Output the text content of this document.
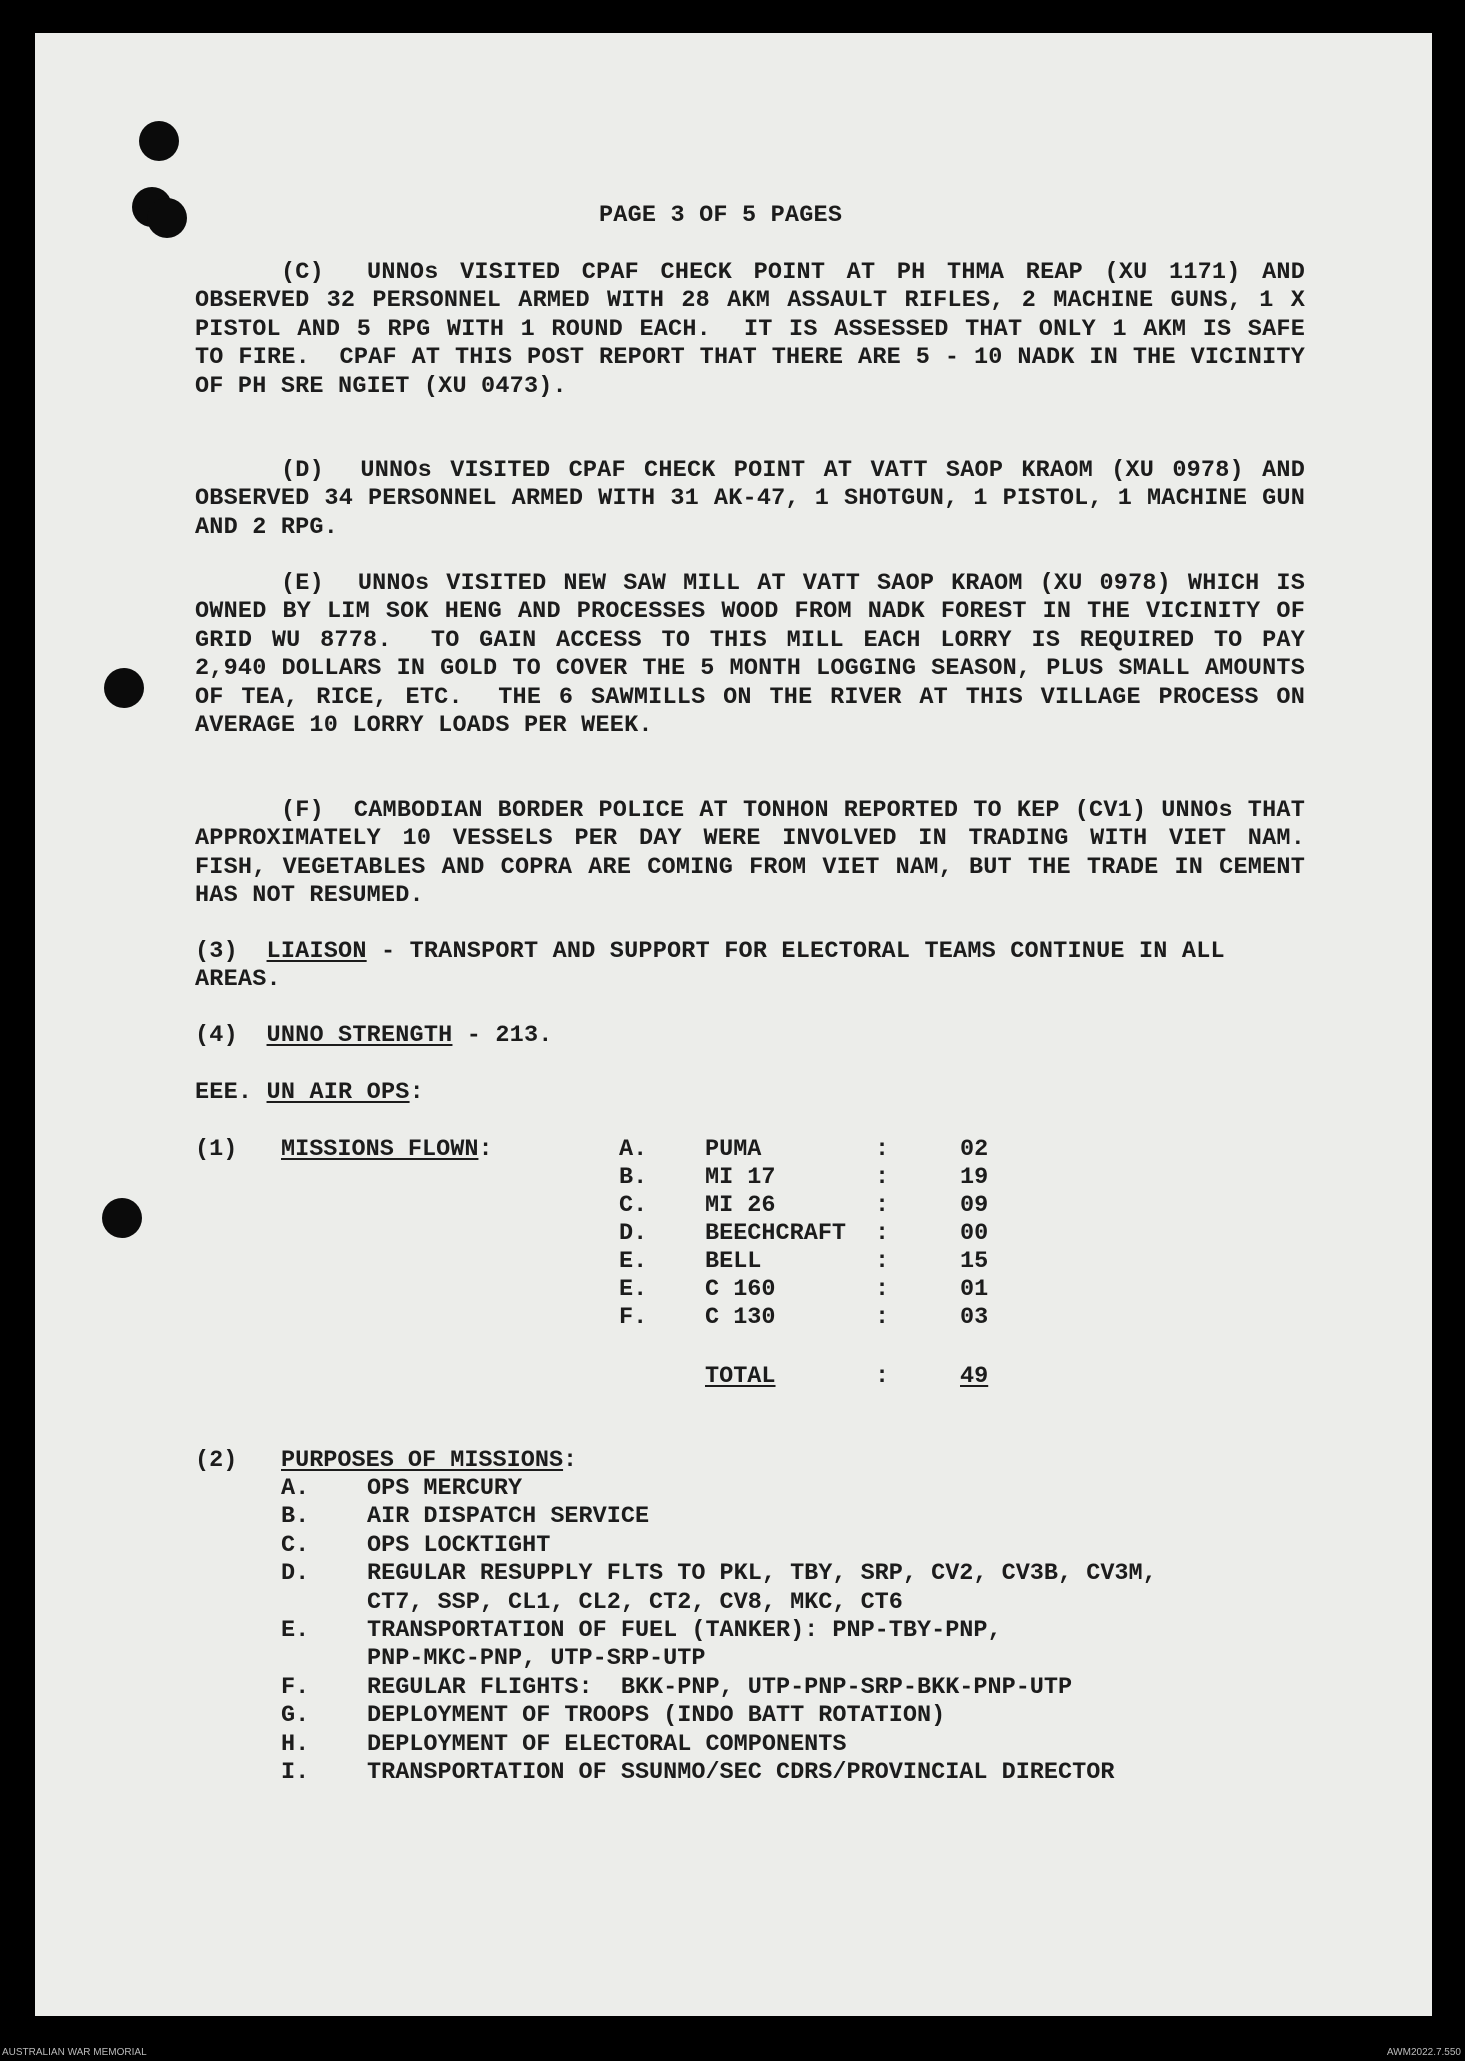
PAGE 3 OF 5 PAGES

(C)  UNNOs VISITED CPAF CHECK POINT AT PH THMA REAP (XU 1171) AND OBSERVED 32 PERSONNEL ARMED WITH 28 AKM ASSAULT RIFLES, 2 MACHINE GUNS, 1 X PISTOL AND 5 RPG WITH 1 ROUND EACH.  IT IS ASSESSED THAT ONLY 1 AKM IS SAFE TO FIRE.  CPAF AT THIS POST REPORT THAT THERE ARE 5 - 10 NADK IN THE VICINITY OF PH SRE NGIET (XU 0473).

(D)  UNNOs VISITED CPAF CHECK POINT AT VATT SAOP KRAOM (XU 0978) AND OBSERVED 34 PERSONNEL ARMED WITH 31 AK-47, 1 SHOTGUN, 1 PISTOL, 1 MACHINE GUN AND 2 RPG.

(E)  UNNOs VISITED NEW SAW MILL AT VATT SAOP KRAOM (XU 0978) WHICH IS OWNED BY LIM SOK HENG AND PROCESSES WOOD FROM NADK FOREST IN THE VICINITY OF GRID WU 8778.  TO GAIN ACCESS TO THIS MILL EACH LORRY IS REQUIRED TO PAY 2,940 DOLLARS IN GOLD TO COVER THE 5 MONTH LOGGING SEASON, PLUS SMALL AMOUNTS OF TEA, RICE, ETC.  THE 6 SAWMILLS ON THE RIVER AT THIS VILLAGE PROCESS ON AVERAGE 10 LORRY LOADS PER WEEK.

(F)  CAMBODIAN BORDER POLICE AT TONHON REPORTED TO KEP (CV1) UNNOs THAT APPROXIMATELY 10 VESSELS PER DAY WERE INVOLVED IN TRADING WITH VIET NAM.  FISH, VEGETABLES AND COPRA ARE COMING FROM VIET NAM, BUT THE TRADE IN CEMENT HAS NOT RESUMED.

(3) LIAISON - TRANSPORT AND SUPPORT FOR ELECTORAL TEAMS CONTINUE IN ALL AREAS.

(4) UNNO STRENGTH - 213.

EEE. UN AIR OPS:

(1) MISSIONS FLOWN:	A. PUMA	:	02
B. MI 17	:	19
C. MI 26	:	09
D. BEECHCRAFT :	00
E. BELL	:	15
E. C 160	:	01
F. C 130	:	03
TOTAL	:	49
(2) PURPOSES OF MISSIONS:
A. OPS MERCURY
B. AIR DISPATCH SERVICE
C. OPS LOCKTIGHT
D. REGULAR RESUPPLY FLTS TO PKL, TBY, SRP, CV2, CV3B, CV3M,
CT7, SSP, CL1, CL2, CT2, CV8, MKC, CT6
E. TRANSPORTATION OF FUEL (TANKER): PNP-TBY-PNP,
PNP-MKC-PNP, UTP-SRP-UTP
F. REGULAR FLIGHTS:  BKK-PNP, UTP-PNP-SRP-BKK-PNP-UTP
G. DEPLOYMENT OF TROOPS (INDO BATT ROTATION)
H. DEPLOYMENT OF ELECTORAL COMPONENTS
I. TRANSPORTATION OF SSUNMO/SEC CDRS/PROVINCIAL DIRECTOR
AUSTRALIAN WAR MEMORIAL	AWM2022.7.550
